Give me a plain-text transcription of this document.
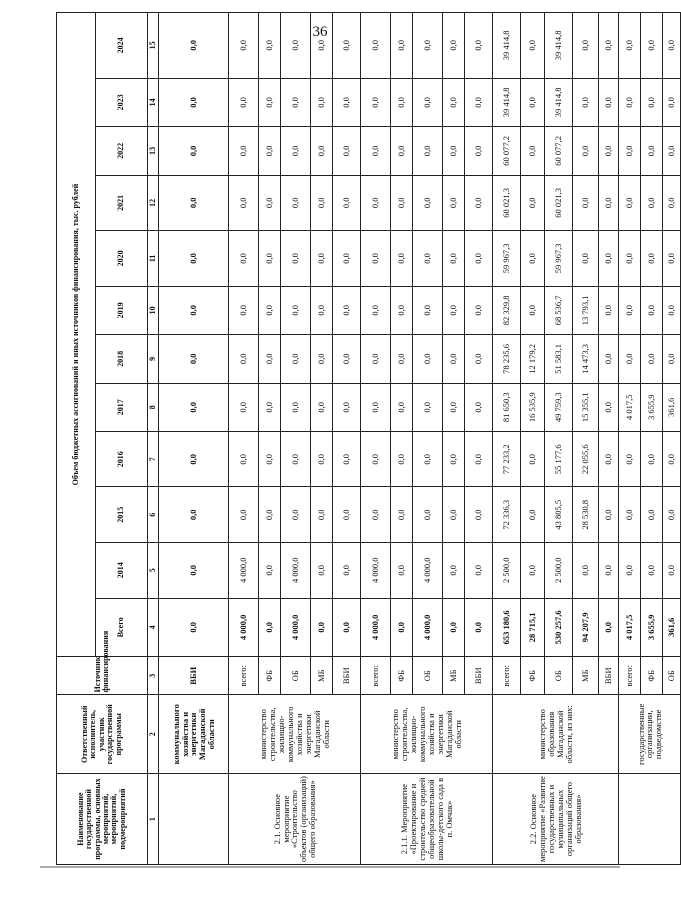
36
Наименование государственной программы, основных мероприятий, мероприятий, подмероприятий	Ответственный исполнитель, участник государственной программы	Источник финансирования	Объем бюджетных ассигнований и иных источников финансирования, тыс. рублей											
			Всего	2014	2015	2016	2017	2018	2019	2020	2021	2022	2023	2024
1	2	3	4	5	6	7	8	9	10	11	12	13	14	15
	коммунального хозяйства и энергетики Магаданской области	ВБИ	0,0	0,0	0,0	0,0	0,0	0,0	0,0	0,0	0,0	0,0	0,0	0,0
2.1. Основное мероприятие «Строительство объектов (организаций) общего образования»	министерство строительства, жилищно-коммунального хозяйства и энергетики Магаданской области	всего:	4 000,0	4 000,0	0,0	0,0	0,0	0,0	0,0	0,0	0,0	0,0	0,0	0,0
		ФБ	0,0	0,0	0,0	0,0	0,0	0,0	0,0	0,0	0,0	0,0	0,0	0,0
		ОБ	4 000,0	4 000,0	0,0	0,0	0,0	0,0	0,0	0,0	0,0	0,0	0,0	0,0
		МБ	0,0	0,0	0,0	0,0	0,0	0,0	0,0	0,0	0,0	0,0	0,0	0,0
		ВБИ	0,0	0,0	0,0	0,0	0,0	0,0	0,0	0,0	0,0	0,0	0,0	0,0
2.1.1. Мероприятие «Проектирование и строительство средней общеобразовательной школы-детского сада в п. Омчак»	министерство строительства, жилищно-коммунального хозяйства и энергетики Магаданской области	всего:	4 000,0	4 000,0	0,0	0,0	0,0	0,0	0,0	0,0	0,0	0,0	0,0	0,0
		ФБ	0,0	0,0	0,0	0,0	0,0	0,0	0,0	0,0	0,0	0,0	0,0	0,0
		ОБ	4 000,0	4 000,0	0,0	0,0	0,0	0,0	0,0	0,0	0,0	0,0	0,0	0,0
		МБ	0,0	0,0	0,0	0,0	0,0	0,0	0,0	0,0	0,0	0,0	0,0	0,0
		ВБИ	0,0	0,0	0,0	0,0	0,0	0,0	0,0	0,0	0,0	0,0	0,0	0,0
2.2. Основное мероприятие «Развитие государственных и муниципальных организаций общего образования»	министерство образования Магаданской области, из них:	всего:	653 180,6	2 500,0	72 336,3	77 233,2	81 650,3	78 235,6	82 329,8	59 967,3	60 021,3	60 077,2	39 414,8	39 414,8
		ФБ	28 715,1	0,0	0,0	0,0	16 535,9	12 179,2	0,0	0,0	0,0	0,0	0,0	0,0
		ОБ	530 257,6	2 500,0	43 805,5	55 177,6	49 759,3	51 583,1	68 536,7	59 967,3	60 021,3	60 077,2	39 414,8	39 414,8
		МБ	94 207,9	0,0	28 530,8	22 055,6	15 355,1	14 473,3	13 793,1	0,0	0,0	0,0	0,0	0,0
		ВБИ	0,0	0,0	0,0	0,0	0,0	0,0	0,0	0,0	0,0	0,0	0,0	0,0
	государственные организации, подведомстве	всего:	4 017,5	0,0	0,0	0,0	4 017,5	0,0	0,0	0,0	0,0	0,0	0,0	0,0
		ФБ	3 655,9	0,0	0,0	0,0	3 655,9	0,0	0,0	0,0	0,0	0,0	0,0	0,0
		ОБ	361,6	0,0	0,0	0,0	361,6	0,0	0,0	0,0	0,0	0,0	0,0	0,0
